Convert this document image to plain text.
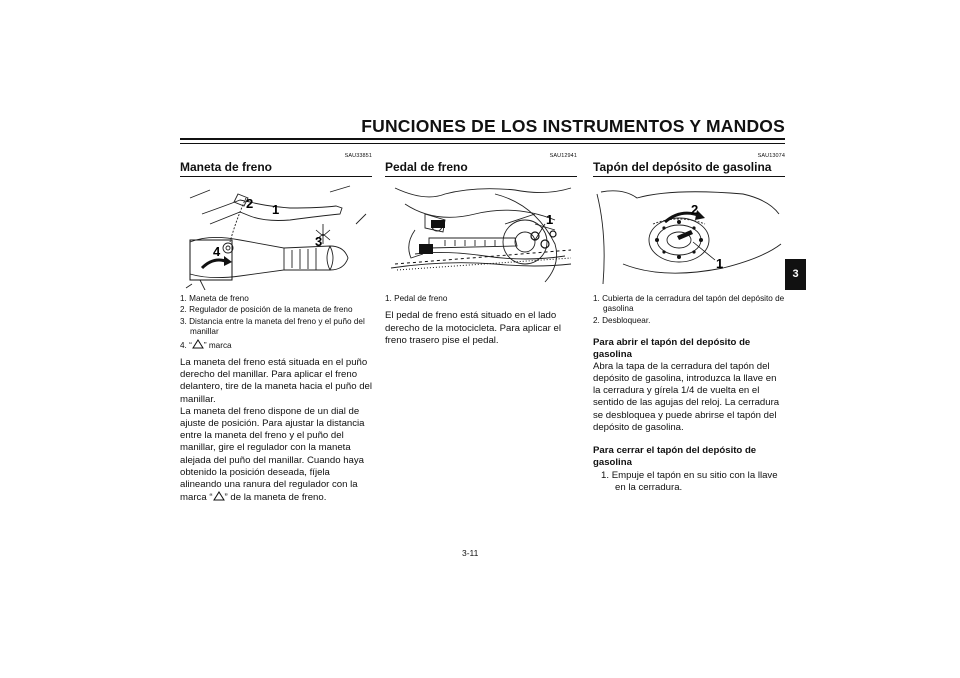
FUNCIONES DE LOS INSTRUMENTOS Y MANDOS
3
SAU33851
Maneta de freno
1
2
3
4
1. Maneta de freno
2. Regulador de posición de la maneta de freno
3. Distancia entre la maneta del freno y el puño del manillar
4. “ ” marca

La maneta del freno está situada en el puño derecho del manillar. Para aplicar el freno delantero, tire de la maneta hacia el puño del manillar.

La maneta del freno dispone de un dial de ajuste de posición. Para ajustar la distancia entre la maneta del freno y el puño del manillar, gire el regulador con la maneta alejada del puño del manillar. Cuando haya obtenido la posición deseada, fíjela alineando una ranura del regulador con la marca “ ” de la maneta de freno.

SAU12941
Pedal de freno
1
1. Pedal de freno

El pedal de freno está situado en el lado derecho de la motocicleta. Para aplicar el freno trasero pise el pedal.

SAU13074
Tapón del depósito de gasolina
2
1
1. Cubierta de la cerradura del tapón del depósito de gasolina
2. Desbloquear.
Para abrir el tapón del depósito de gasolina

Abra la tapa de la cerradura del tapón del depósito de gasolina, introduzca la llave en la cerradura y gírela 1/4 de vuelta en el sentido de las agujas del reloj. La cerradura se desbloquea y puede abrirse el tapón del depósito de gasolina.

Para cerrar el tapón del depósito de gasolina
1. Empuje el tapón en su sitio con la llave en la cerradura.
3-11
